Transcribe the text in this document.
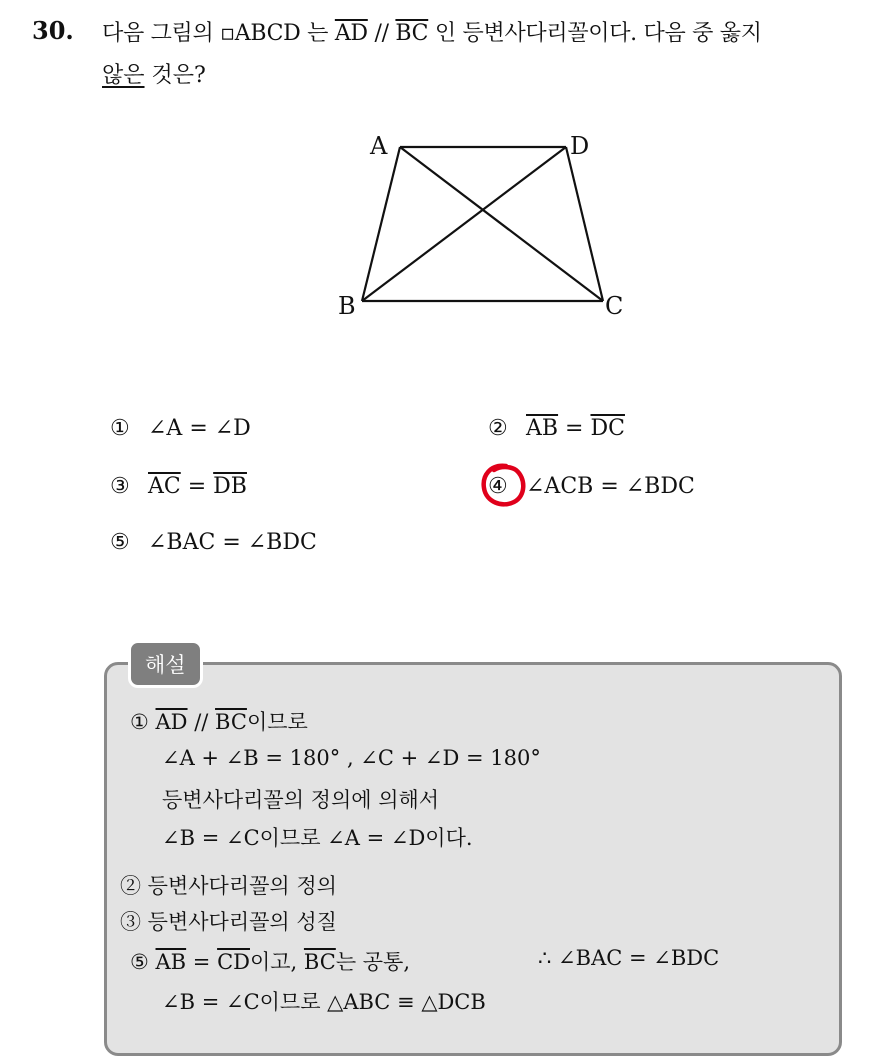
30. 다음 그림의 ▫ABCD 는 $\overline{AD} // \overline{BC}$ 인 등변사다리꼴이다. 다음 중 옳지
않은 것은?
A	D
B	C
① ∠A = ∠D	② $\overline{AB} = \overline{DC}$
③ $\overline{AC} = \overline{DB}$	④ ∠ACB = ∠BDC
⑤ ∠BAC = ∠BDC
해설
① $\overline{AD} // \overline{BC}$이므로
∠A + ∠B = 180° , ∠C + ∠D = 180°
등변사다리꼴의 정의에 의해서
∠B = ∠C이므로 ∠A = ∠D이다.
② 등변사다리꼴의 정의
③ 등변사다리꼴의 성질
⑤ $\overline{AB} = \overline{CD}$이고, $\overline{BC}$는 공통,	∴ ∠BAC = ∠BDC
∠B = ∠C이므로 △ABC ≡ △DCB
